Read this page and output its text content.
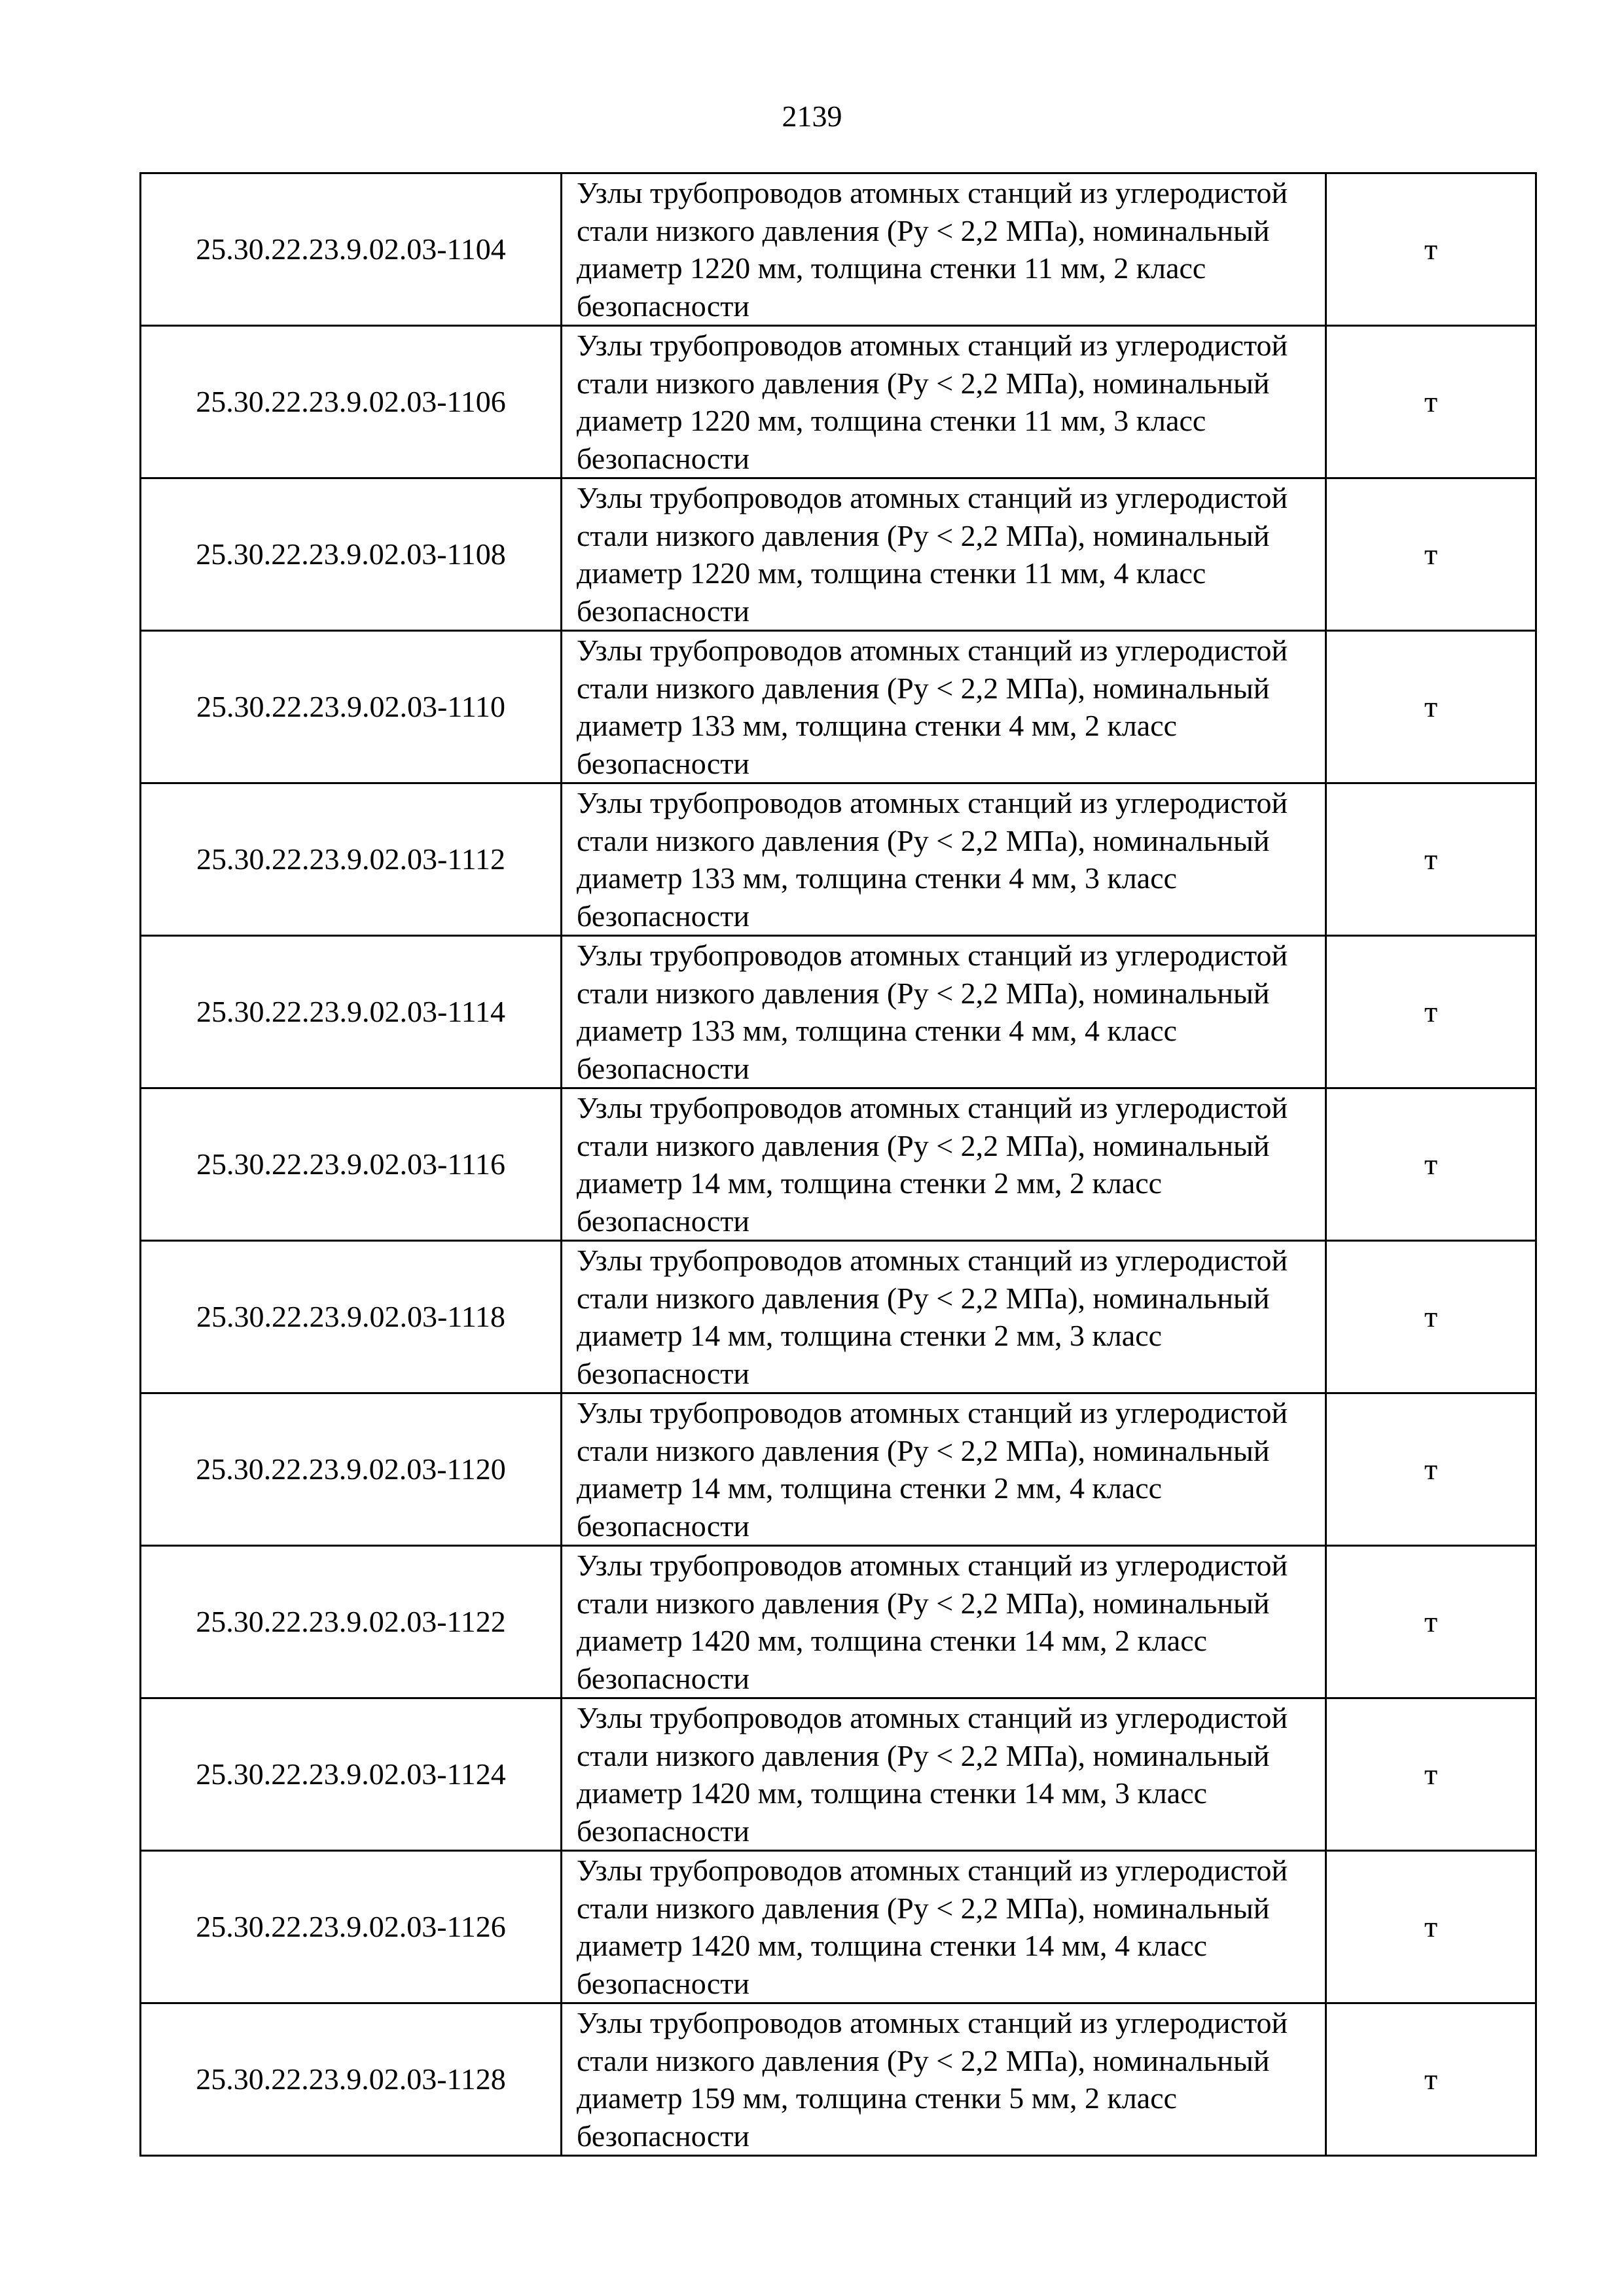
2139
25.30.22.23.9.02.03-1104	Узлы трубопроводов атомных станций из углеродистой стали низкого давления (Ру < 2,2 МПа), номинальный диаметр 1220 мм, толщина стенки 11 мм, 2 класс безопасности	т
25.30.22.23.9.02.03-1106	Узлы трубопроводов атомных станций из углеродистой стали низкого давления (Ру < 2,2 МПа), номинальный диаметр 1220 мм, толщина стенки 11 мм, 3 класс безопасности	т
25.30.22.23.9.02.03-1108	Узлы трубопроводов атомных станций из углеродистой стали низкого давления (Ру < 2,2 МПа), номинальный диаметр 1220 мм, толщина стенки 11 мм, 4 класс безопасности	т
25.30.22.23.9.02.03-1110	Узлы трубопроводов атомных станций из углеродистой стали низкого давления (Ру < 2,2 МПа), номинальный диаметр 133 мм, толщина стенки 4 мм, 2 класс безопасности	т
25.30.22.23.9.02.03-1112	Узлы трубопроводов атомных станций из углеродистой стали низкого давления (Ру < 2,2 МПа), номинальный диаметр 133 мм, толщина стенки 4 мм, 3 класс безопасности	т
25.30.22.23.9.02.03-1114	Узлы трубопроводов атомных станций из углеродистой стали низкого давления (Ру < 2,2 МПа), номинальный диаметр 133 мм, толщина стенки 4 мм, 4 класс безопасности	т
25.30.22.23.9.02.03-1116	Узлы трубопроводов атомных станций из углеродистой стали низкого давления (Ру < 2,2 МПа), номинальный диаметр 14 мм, толщина стенки 2 мм, 2 класс безопасности	т
25.30.22.23.9.02.03-1118	Узлы трубопроводов атомных станций из углеродистой стали низкого давления (Ру < 2,2 МПа), номинальный диаметр 14 мм, толщина стенки 2 мм, 3 класс безопасности	т
25.30.22.23.9.02.03-1120	Узлы трубопроводов атомных станций из углеродистой стали низкого давления (Ру < 2,2 МПа), номинальный диаметр 14 мм, толщина стенки 2 мм, 4 класс безопасности	т
25.30.22.23.9.02.03-1122	Узлы трубопроводов атомных станций из углеродистой стали низкого давления (Ру < 2,2 МПа), номинальный диаметр 1420 мм, толщина стенки 14 мм, 2 класс безопасности	т
25.30.22.23.9.02.03-1124	Узлы трубопроводов атомных станций из углеродистой стали низкого давления (Ру < 2,2 МПа), номинальный диаметр 1420 мм, толщина стенки 14 мм, 3 класс безопасности	т
25.30.22.23.9.02.03-1126	Узлы трубопроводов атомных станций из углеродистой стали низкого давления (Ру < 2,2 МПа), номинальный диаметр 1420 мм, толщина стенки 14 мм, 4 класс безопасности	т
25.30.22.23.9.02.03-1128	Узлы трубопроводов атомных станций из углеродистой стали низкого давления (Ру < 2,2 МПа), номинальный диаметр 159 мм, толщина стенки 5 мм, 2 класс безопасности	т
